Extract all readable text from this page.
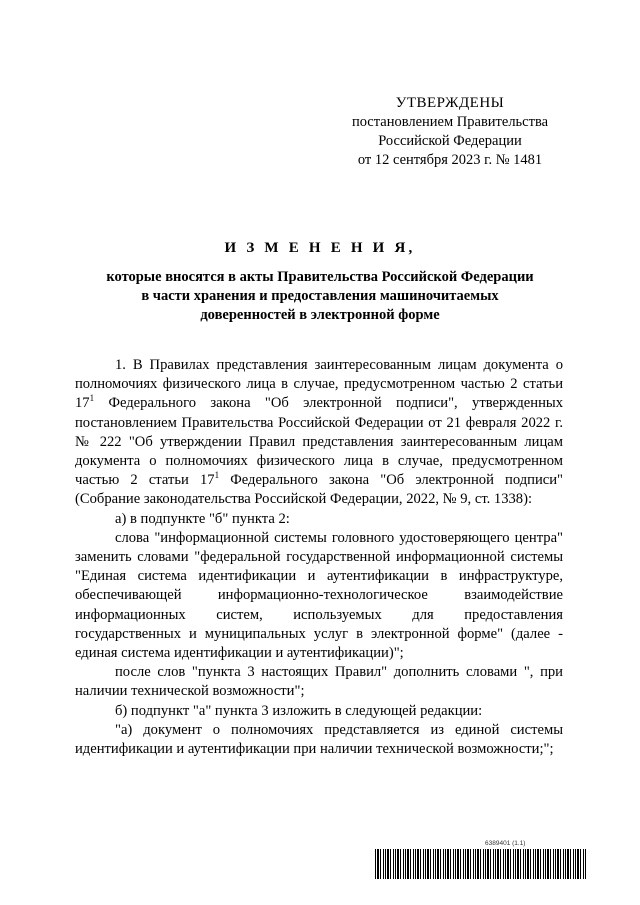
УТВЕРЖДЕНЫ
постановлением Правительства
Российской Федерации
от 12 сентября 2023 г. № 1481
И З М Е Н Е Н И Я,
которые вносятся в акты Правительства Российской Федерации
в части хранения и предоставления машиночитаемых
доверенностей в электронной форме

1. В Правилах представления заинтересованным лицам документа о полномочиях физического лица в случае, предусмотренном частью 2 статьи $17^1$ Федерального закона "Об электронной подписи", утвержденных постановлением Правительства Российской Федерации от 21 февраля 2022 г. № 222 "Об утверждении Правил представления заинтересованным лицам документа о полномочиях физического лица в случае, предусмотренном частью 2 статьи $17^1$ Федерального закона "Об электронной подписи" (Собрание законодательства Российской Федерации, 2022, № 9, ст. 1338):

а) в подпункте "б" пункта 2:

слова "информационной системы головного удостоверяющего центра" заменить словами "федеральной государственной информационной системы "Единая система идентификации и аутентификации в инфраструктуре, обеспечивающей информационно-технологическое взаимодействие информационных систем, используемых для предоставления государственных и муниципальных услуг в электронной форме" (далее - единая система идентификации и аутентификации)";

после слов "пункта 3 настоящих Правил" дополнить словами ", при наличии технической возможности";

б) подпункт "а" пункта 3 изложить в следующей редакции:

"а) документ о полномочиях представляется из единой системы идентификации и аутентификации при наличии технической возможности;";

6389401 (1.1)
